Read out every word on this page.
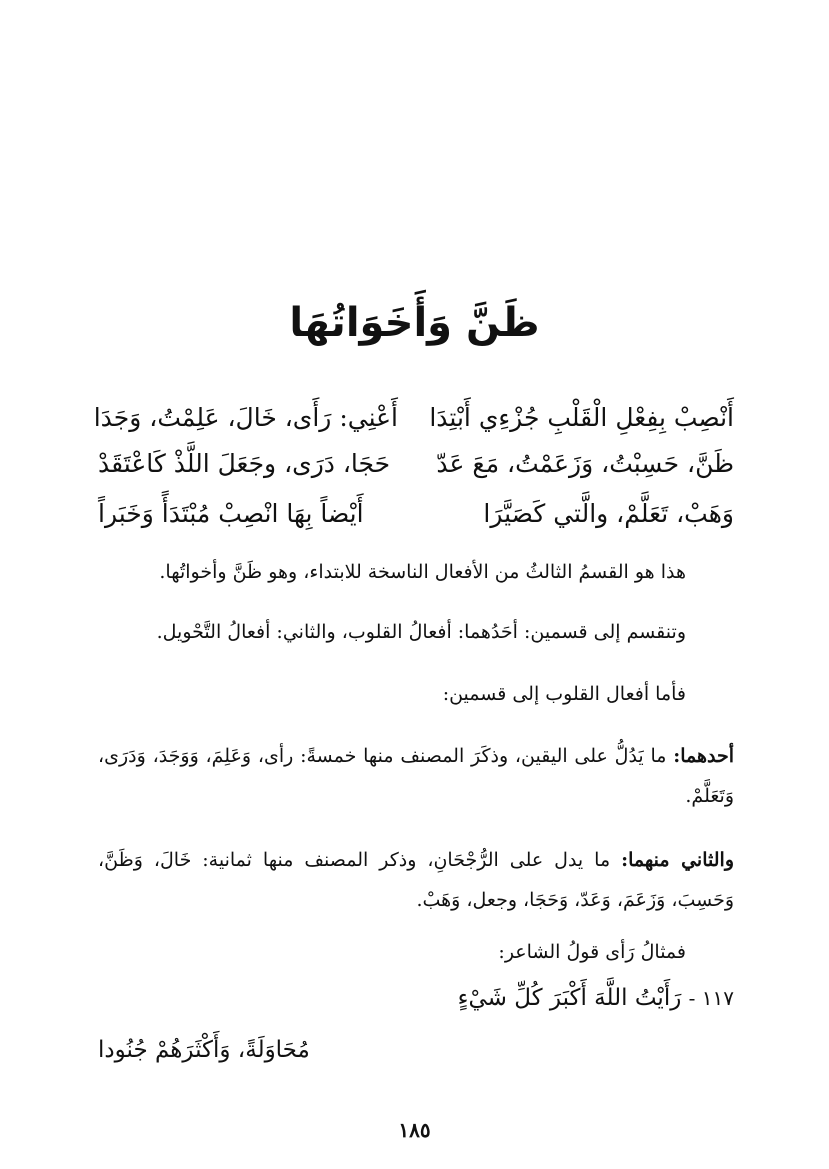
ظَنَّ وَأَخَوَاتُهَا
أَنْصِبْ بِفِعْلِ الْقَلْبِ جُزْءِي أَبْتِدَا
أَعْنِي: رَأَى، خَالَ، عَلِمْتُ، وَجَدَا
ظَنَّ، حَسِبْتُ، وَزَعَمْتُ، مَعَ عَدّ
حَجَا، دَرَى، وجَعَلَ اللَّذْ كَاعْتَقَدْ
وَهَبْ، تَعَلَّمْ، والَّتي كَصَيَّرَا
أَيْضاً بِهَا انْصِبْ مُبْتَدَأً وَخَبَراً
هذا هو القسمُ الثالثُ من الأفعال الناسخة للابتداء، وهو ظَنَّ وأخواتُها.
وتنقسم إلى قسمين: أحَدُهما: أفعالُ القلوب، والثاني: أفعالُ التَّحْويل.
فأما أفعال القلوب إلى قسمين:
أحدهما: ما يَدُلُّ على اليقين، وذكَرَ المصنف منها خمسةً: رأى، وَعَلِمَ، وَوَجَدَ، وَدَرَى، وَتَعَلَّمْ.
والثاني منهما: ما يدل على الرُّجْحَانِ، وذكر المصنف منها ثمانية: خَالَ، وَظَنَّ، وَحَسِبَ، وَزَعَمَ، وَعَدّ، وَحَجَا، وجعل، وَهَبْ.
فمثالُ رَأى قولُ الشاعر:
١١٧ - رَأَيْتُ اللَّهَ أَكْبَرَ كُلِّ شَيْءٍ
مُحَاوَلَةً، وَأَكْثَرَهُمْ جُنُودا
١٨٥
